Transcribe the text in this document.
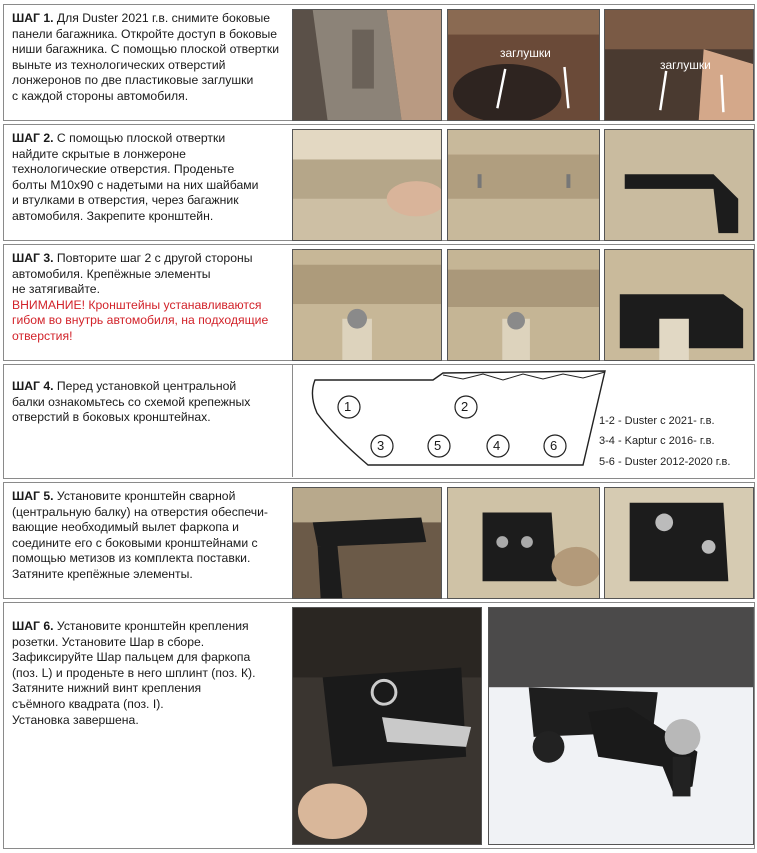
ШАГ 1. Для Duster 2021 г.в. снимите боковые
панели багажника. Откройте доступ в боковые
ниши багажника. С помощью плоской отвертки
выньте из технологических отверстий
лонжеронов по две пластиковые заглушки
с каждой стороны автомобиля.
заглушки
заглушки
ШАГ 2. С помощью плоской отвертки
найдите скрытые в лонжероне
технологические отверстия. Проденьте
болты М10х90 с надетыми на них шайбами
и втулками в отверстия, через багажник
автомобиля. Закрепите кронштейн.
ШАГ 3. Повторите шаг 2 с другой стороны
автомобиля. Крепёжные элементы
не затягивайте.
ВНИМАНИЕ! Кронштейны устанавливаются
гибом во внутрь автомобиля, на подходящие
отверстия!
ШАГ 4. Перед установкой центральной
балки ознакомьтесь со схемой крепежных
отверстий в боковых кронштейнах.
1	2
3	5	4	6
1-2 - Duster с 2021- г.в.
3-4 - Kaptur с 2016- г.в.
5-6 - Duster 2012-2020 г.в.
ШАГ 5. Установите кронштейн сварной
(центральную балку) на отверстия обеспечи-
вающие необходимый вылет фаркопа и
соедините его с боковыми кронштейнами с
помощью метизов из комплекта поставки.
Затяните крепёжные элементы.
ШАГ 6. Установите кронштейн крепления
розетки. Установите Шар в сборе.
Зафиксируйте Шар пальцем для фаркопа
(поз. L) и проденьте в него шплинт (поз. К).
Затяните нижний винт крепления
съёмного квадрата (поз. I).
Установка завершена.
